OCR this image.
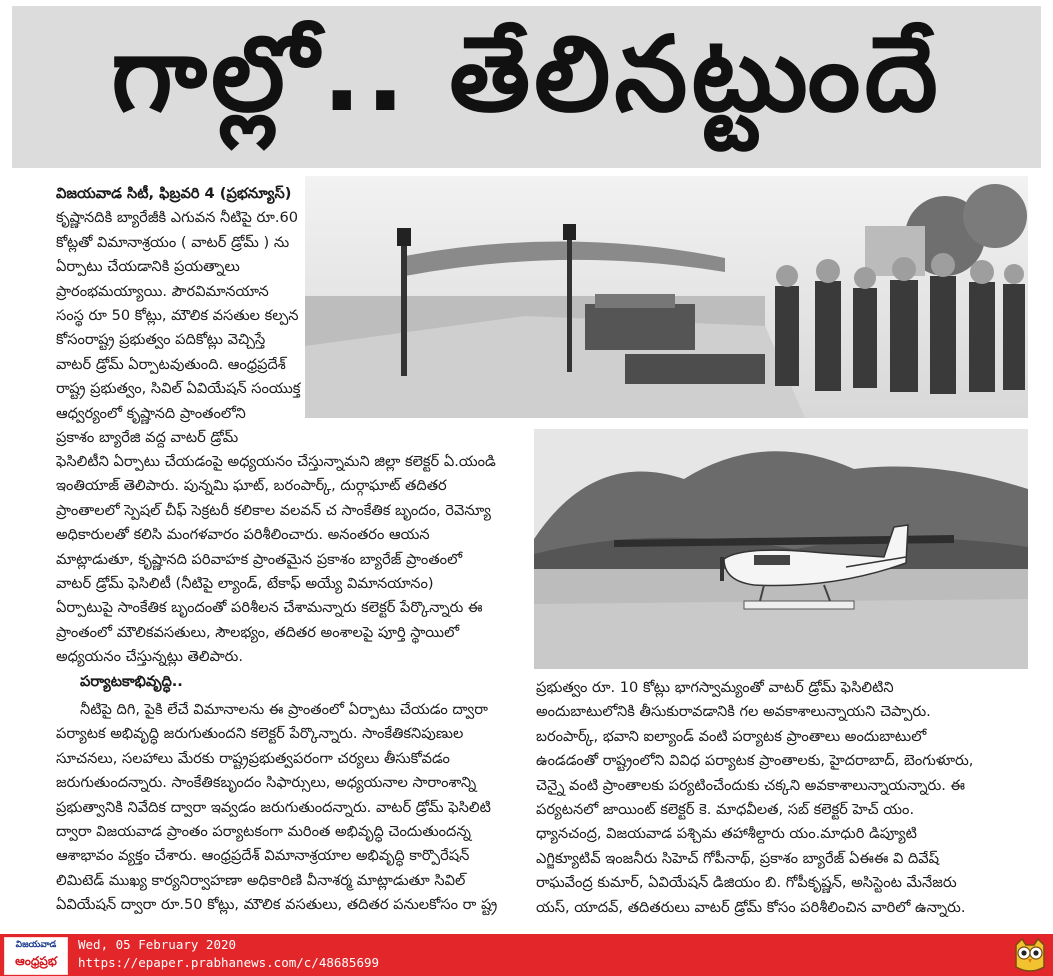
గాల్లో.. తేలినట్టుందే

విజయవాడ సిటీ, ఫిబ్రవరి 4 (ప్రభన్యూస్)

కృష్ణానదికి బ్యారేజీకి ఎగువన నీటిపై రూ.60

కోట్లతో విమానాశ్రయం ( వాటర్ డ్రోమ్ ) ను

ఏర్పాటు చేయడానికి ప్రయత్నాలు

ప్రారంభమయ్యాయి. పౌరవిమానయాన

సంస్థ రూ 50 కోట్లు, మౌలిక వసతుల కల్పన

కోసంరాష్ట్ర ప్రభుత్వం పదికోట్లు వెచ్చిస్తే

వాటర్ డ్రోమ్ ఏర్పాటవుతుంది. ఆంధ్రప్రదేశ్

రాష్ట్ర ప్రభుత్వం, సివిల్ ఏవియేషన్ సంయుక్త

ఆధ్వర్యంలో కృష్ణానది ప్రాంతంలోని

ప్రకాశం బ్యారేజి వద్ద వాటర్ డ్రోమ్

ఫెసిలిటీని ఏర్పాటు చేయడంపై అధ్యయనం చేస్తున్నామని జిల్లా కలెక్టర్ ఏ.యండి

ఇంతియాజ్ తెలిపారు. పున్నమి ఘాట్, బరంపార్క్, దుర్గాఘాట్ తదితర

ప్రాంతాలలో స్పెషల్ చీఫ్ సెక్రటరీ కలికాల వలవన్ చ సాంకేతిక బృందం, రెవెన్యూ

అధికారులతో కలిసి మంగళవారం పరిశీలించారు. అనంతరం ఆయన

మాట్లాడుతూ, కృష్ణానది పరివాహక ప్రాంతమైన ప్రకాశం బ్యారేజ్ ప్రాంతంలో

వాటర్ డ్రోమ్ ఫెసిలిటీ (నీటిపై ల్యాండ్, టేకాఫ్ అయ్యే విమానయానం)

ఏర్పాటుపై సాంకేతిక బృందంతో పరిశీలన చేశామన్నారు కలెక్టర్ పేర్కొన్నారు ఈ

ప్రాంతంలో మౌలికవసతులు, సౌలభ్యం, తదితర అంశాలపై పూర్తి స్థాయిలో

అధ్యయనం చేస్తున్నట్లు తెలిపారు.

పర్యాటకాభివృద్ధి..

నీటిపై దిగి, పైకి లేచే విమానాలను ఈ ప్రాంతంలో ఏర్పాటు చేయడం ద్వారా

పర్యాటక అభివృద్ధి జరుగుతుందని కలెక్టర్ పేర్కొన్నారు. సాంకేతికనిపుణుల

సూచనలు, సలహాలు మేరకు రాష్ట్రప్రభుత్వపరంగా చర్యలు తీసుకోవడం

జరుగుతుందన్నారు. సాంకేతికబృందం సిఫార్సులు, అధ్యయనాల సారాంశాన్ని

ప్రభుత్వానికి నివేదిక ద్వారా ఇవ్వడం జరుగుతుందన్నారు. వాటర్ డ్రోమ్ ఫెసిలిటి

ద్వారా విజయవాడ ప్రాంతం పర్యాటకంగా మరింత అభివృద్ధి చెందుతుందన్న

ఆశాభావం వ్యక్తం చేశారు. ఆంధ్రప్రదేశ్ విమానాశ్రయాల అభివృద్ధి కార్పొరేషన్

లిమిటెడ్ ముఖ్య కార్యనిర్వాహణా అధికారిణి వీనాశర్మ మాట్లాడుతూ సివిల్

ఏవియేషన్ ద్వారా రూ.50 కోట్లు, మౌలిక వసతులు, తదితర పనులకోసం రా ష్ట్ర

ప్రభుత్వం రూ. 10 కోట్లు భాగస్వామ్యంతో వాటర్ డ్రోమ్ ఫెసిలిటిని

అందుబాటులోనికి తీసుకురావడానికి గల అవకాశాలున్నాయని చెప్పారు.

బరంపార్క్, భవాని ఐల్యాండ్ వంటి పర్యాటక ప్రాంతాలు అందుబాటులో

ఉండడంతో రాష్ట్రంలోని వివిధ పర్యాటక ప్రాంతాలకు, హైదరాబాద్, బెంగుళూరు,

చెన్నై వంటి ప్రాంతాలకు పర్యటించేందుకు చక్కని అవకాశాలున్నాయన్నారు. ఈ

పర్యటనలో జాయింట్ కలెక్టర్ కె. మాధవీలత, సబ్ కలెక్టర్ హెచ్ యం.

ధ్యానచంద్ర, విజయవాడ పశ్చిమ తహాశీల్దారు యం.మాధురి డిప్యూటి

ఎగ్జిక్యూటివ్ ఇంజనీరు సిహెచ్ గోపీనాథ్, ప్రకాశం బ్యారేజ్ ఏఈఈ వి దివేష్

రాఘవేంద్ర కుమార్, ఏవియేషన్ డిజియం బి. గోపీకృష్ణన్, అసిస్టెంట మేనేజరు

యస్, యాదవ్, తదితరులు వాటర్ డ్రోమ్ కోసం పరిశీలించిన వారిలో ఉన్నారు.

విజయవాడ
ఆంధ్రప్రభ
Wed, 05 February 2020
https://epaper.prabhanews.com/c/48685699
